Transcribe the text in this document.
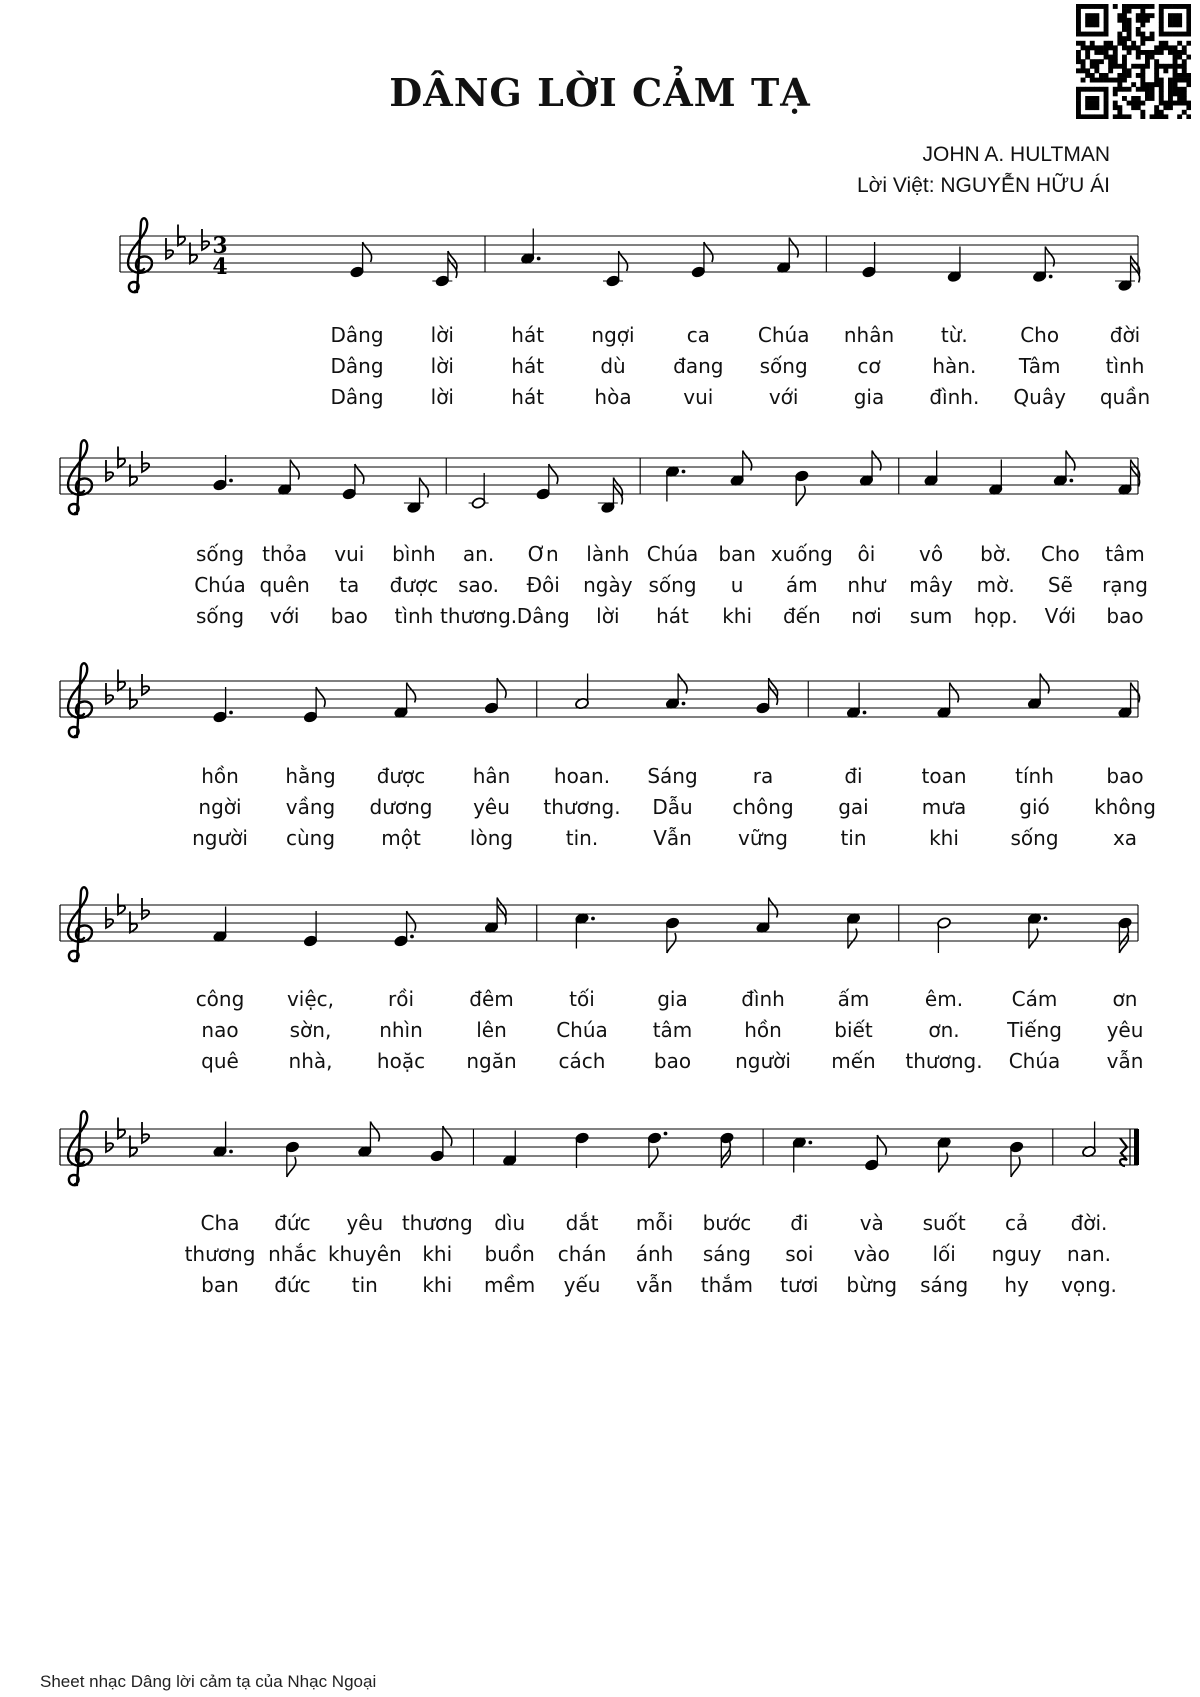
DÂNG LỜI CẢM TẠ
JOHN A. HULTMAN
Lời Việt: NGUYỄN HỮU ÁI
3
4
Dâng lời	hát ngợi	ca Chúa nhân từ.	Cho	đời
Dâng lời	hát	dù đang sống cơ	hàn. Tâm tình
Dâng lời	hát	hòa	vui	với	gia đình. Quây quần
sống thỏa vui bình an. Ơn lành Chúa ban xuống ôi vô bờ. Cho tâm
Chúa quên ta được sao. Đôi ngày sống u ám như mây mờ. Sẽ rạng
sống với bao tình thương. Dâng lời hát khi đến nơi sum họp. Với bao
hồn hằng được hân hoan. Sáng	ra	đi	toan tính	bao
ngời vầng dương yêu thương. Dẫu chông gai	mưa	gió không
người cùng một lòng	tin.	Vẫn vững	tin	khi	sống	xa
công việc,	rồi	đêm	tối	gia	đình	ấm	êm. Cám	ơn
nao	sờn, nhìn	lên Chúa tâm	hồn	biết	ơn. Tiếng yêu
quê nhà, hoặc ngăn cách bao người mến thương. Chúa vẫn
Cha đức yêu thương dìu dắt mỗi bước đi	và suốt cả đời.
thương nhắc khuyên khi buồn chán ánh sáng soi vào lối nguy nan.
ban đức tin khi mềm yếu vẫn thắm tươi bừng sáng hy vọng.
Sheet nhạc Dâng lời cảm tạ của Nhạc Ngoại
